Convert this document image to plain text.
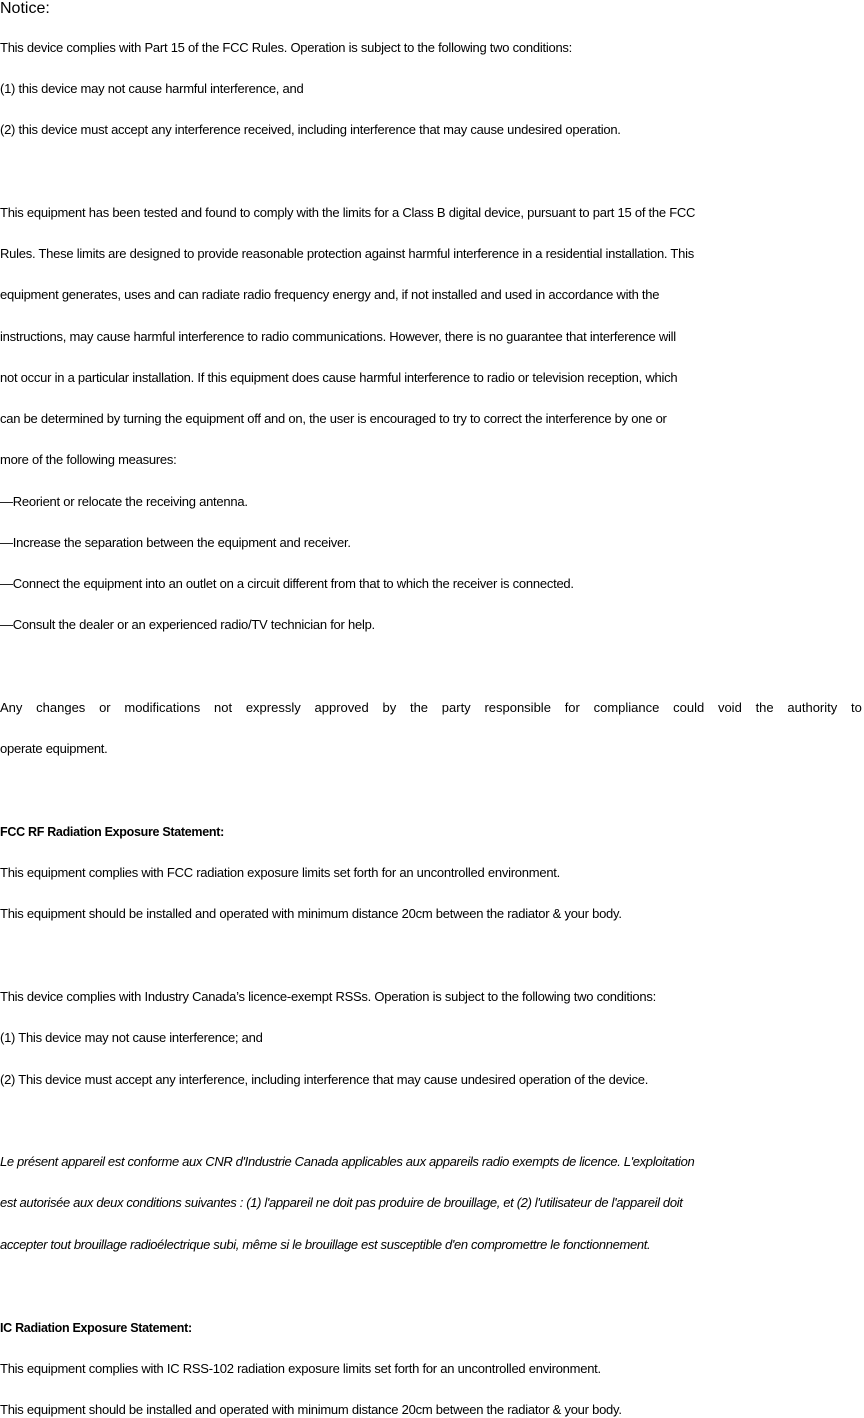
Notice:

This device complies with Part 15 of the FCC Rules. Operation is subject to the following two conditions:

(1) this device may not cause harmful interference, and

(2) this device must accept any interference received, including interference that may cause undesired operation.

This equipment has been tested and found to comply with the limits for a Class B digital device, pursuant to part 15 of the FCC

Rules. These limits are designed to provide reasonable protection against harmful interference in a residential installation. This

equipment generates, uses and can radiate radio frequency energy and, if not installed and used in accordance with the

instructions, may cause harmful interference to radio communications. However, there is no guarantee that interference will

not occur in a particular installation. If this equipment does cause harmful interference to radio or television reception, which

can be determined by turning the equipment off and on, the user is encouraged to try to correct the interference by one or

more of the following measures:

—Reorient or relocate the receiving antenna.

—Increase the separation between the equipment and receiver.

—Connect the equipment into an outlet on a circuit different from that to which the receiver is connected.

—Consult the dealer or an experienced radio/TV technician for help.

Any changes or modifications not expressly approved by the party responsible for compliance could void the authority to

operate equipment.

FCC RF Radiation Exposure Statement:

This equipment complies with FCC radiation exposure limits set forth for an uncontrolled environment.

This equipment should be installed and operated with minimum distance 20cm between the radiator & your body.

This device complies with Industry Canada’s licence-exempt RSSs. Operation is subject to the following two conditions:

(1) This device may not cause interference; and

(2) This device must accept any interference, including interference that may cause undesired operation of the device.

Le présent appareil est conforme aux CNR d'Industrie Canada applicables aux appareils radio exempts de licence. L'exploitation

est autorisée aux deux conditions suivantes : (1) l'appareil ne doit pas produire de brouillage, et (2) l'utilisateur de l'appareil doit

accepter tout brouillage radioélectrique subi, même si le brouillage est susceptible d'en compromettre le fonctionnement.

IC Radiation Exposure Statement:

This equipment complies with IC RSS-102 radiation exposure limits set forth for an uncontrolled environment.

This equipment should be installed and operated with minimum distance 20cm between the radiator & your body.
